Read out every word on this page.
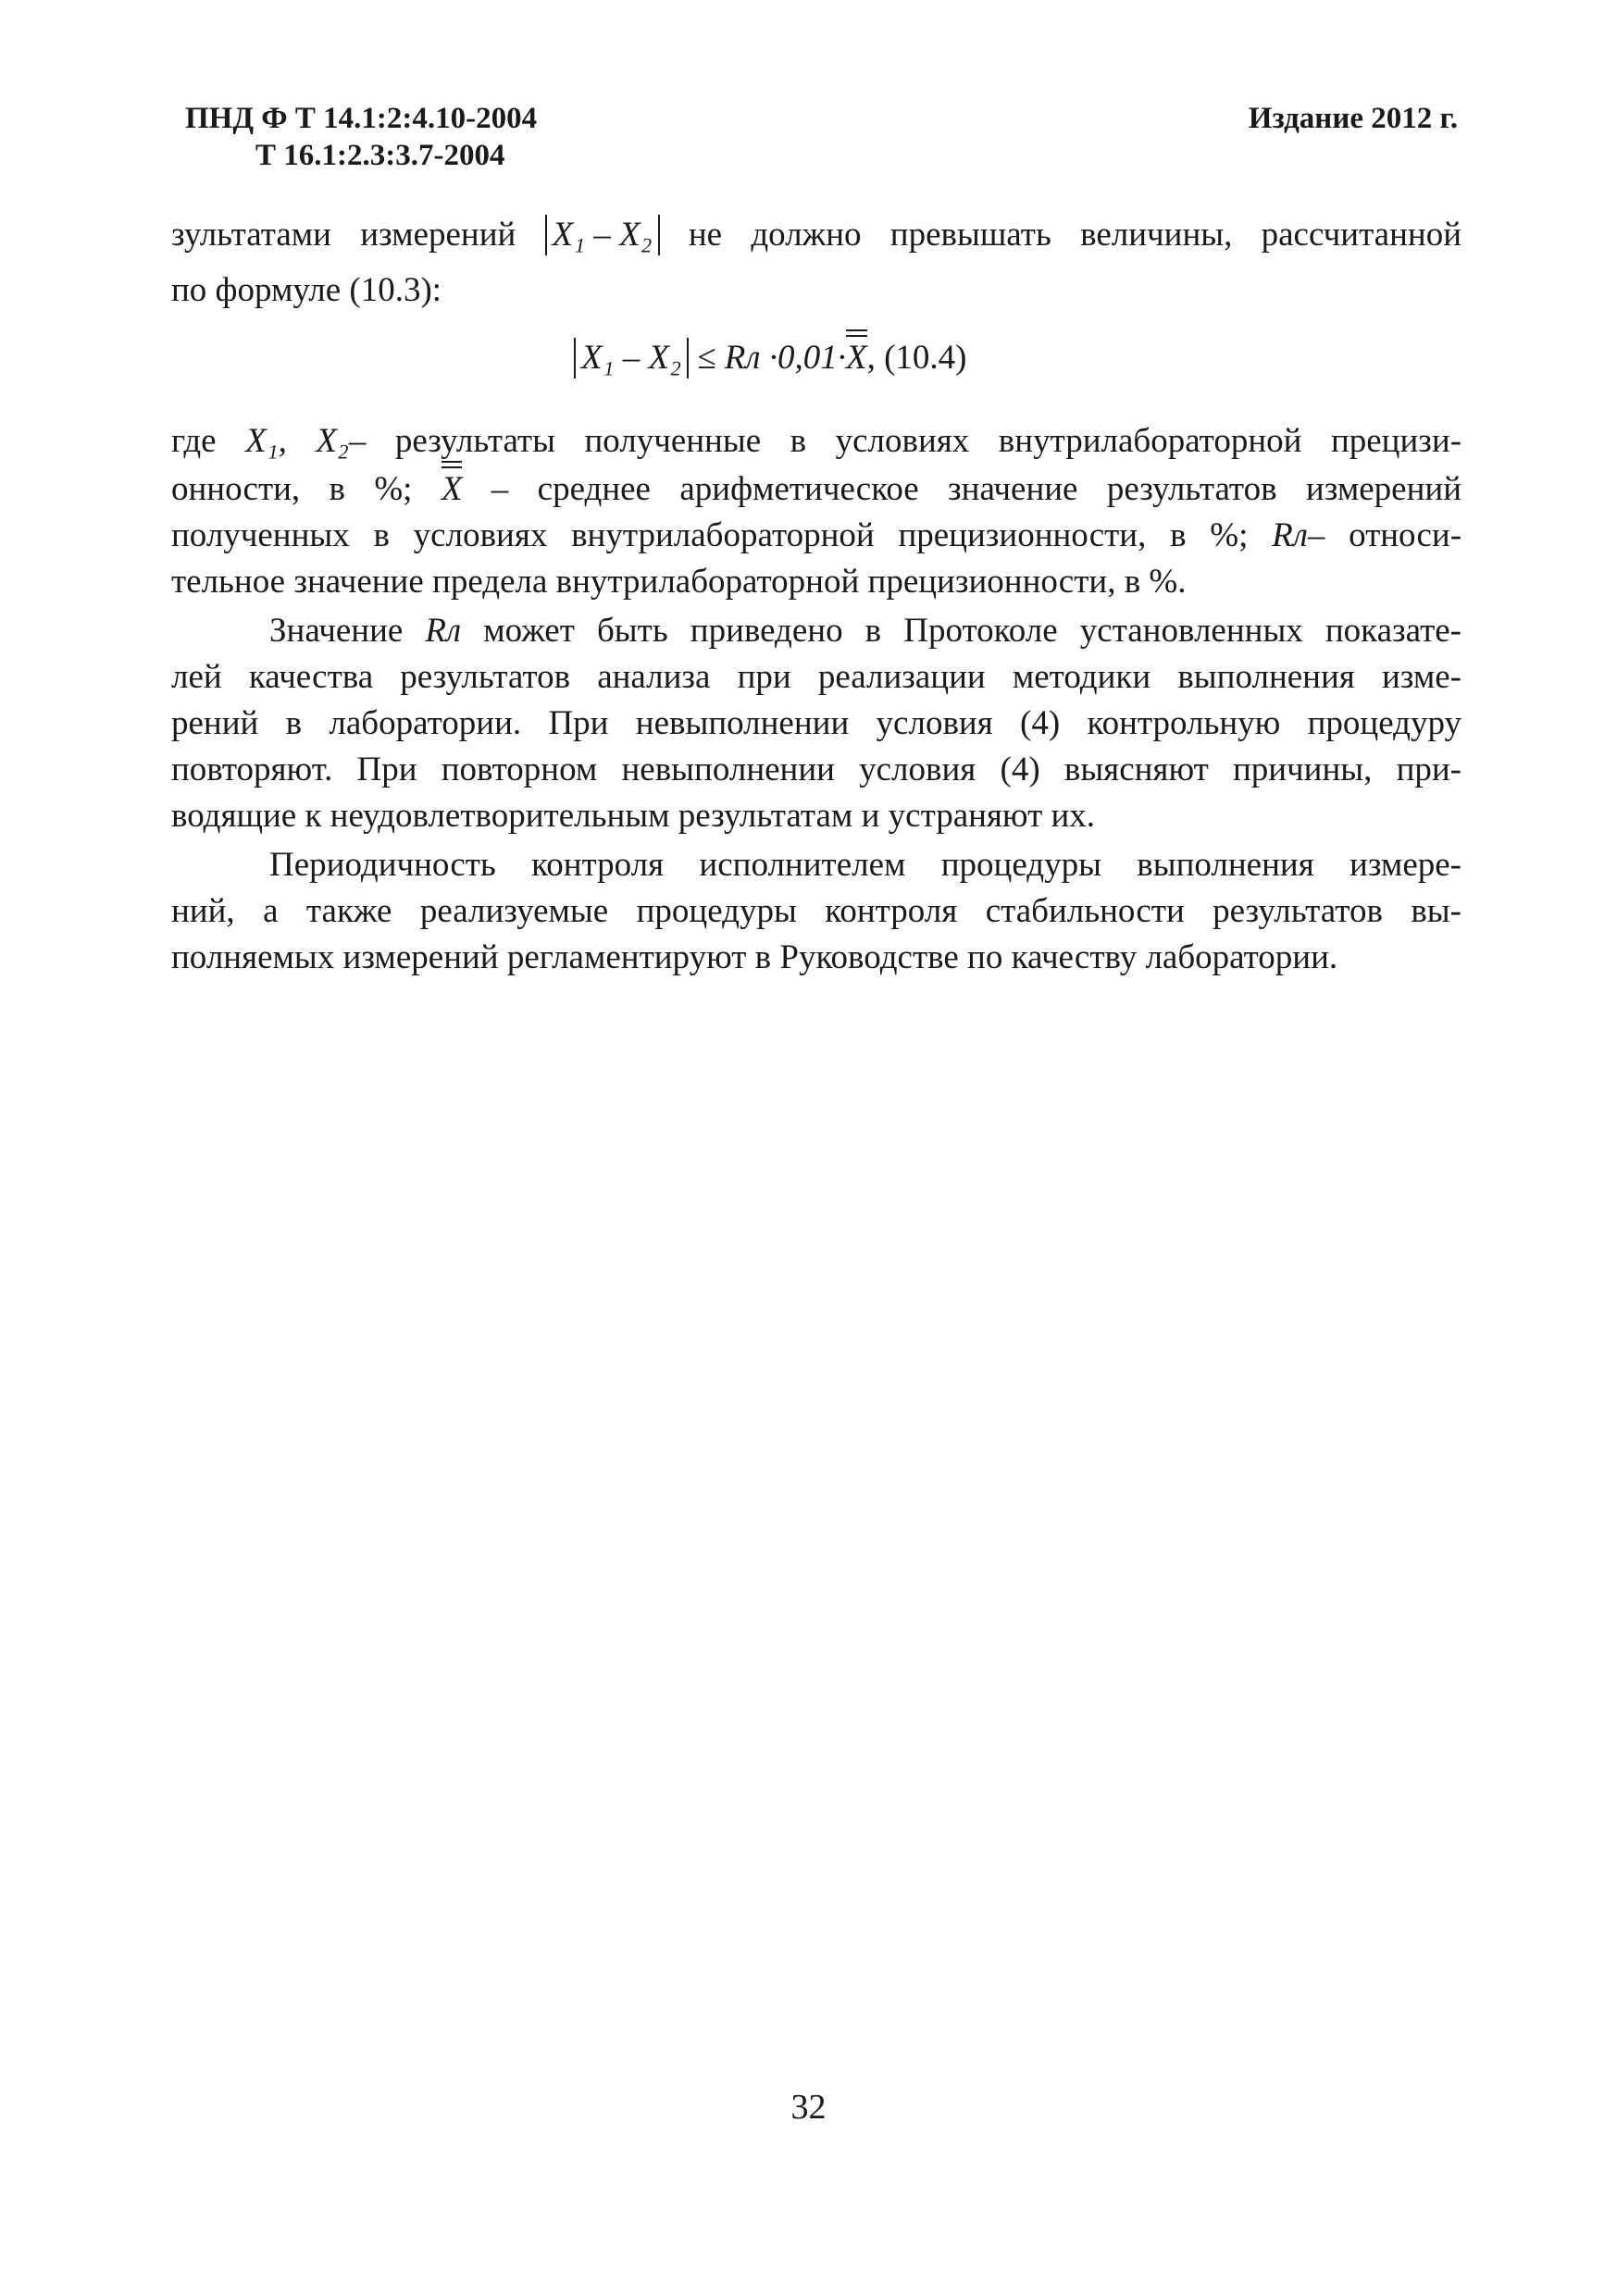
ПНД Ф Т 14.1:2:4.10-2004
Т 16.1:2.3:3.7-2004
Издание 2012 г.
зультатами измерений X₁ – X₂ не должно превышать величины, рассчитанной
по формуле (10.3):
X₁ – X₂ ≤ Rл ·0,01·X, (10.4)
где X₁, X₂– результаты полученные в условиях внутрилабораторной прецизи-
онности, в %; X – среднее арифметическое значение результатов измерений
полученных в условиях внутрилабораторной прецизионности, в %; Rл– относи-
тельное значение предела внутрилабораторной прецизионности, в %.
Значение Rл может быть приведено в Протоколе установленных показате-
лей качества результатов анализа при реализации методики выполнения изме-
рений в лаборатории. При невыполнении условия (4) контрольную процедуру
повторяют. При повторном невыполнении условия (4) выясняют причины, при-
водящие к неудовлетворительным результатам и устраняют их.
Периодичность контроля исполнителем процедуры выполнения измере-
ний, а также реализуемые процедуры контроля стабильности результатов вы-
полняемых измерений регламентируют в Руководстве по качеству лаборатории.
32
